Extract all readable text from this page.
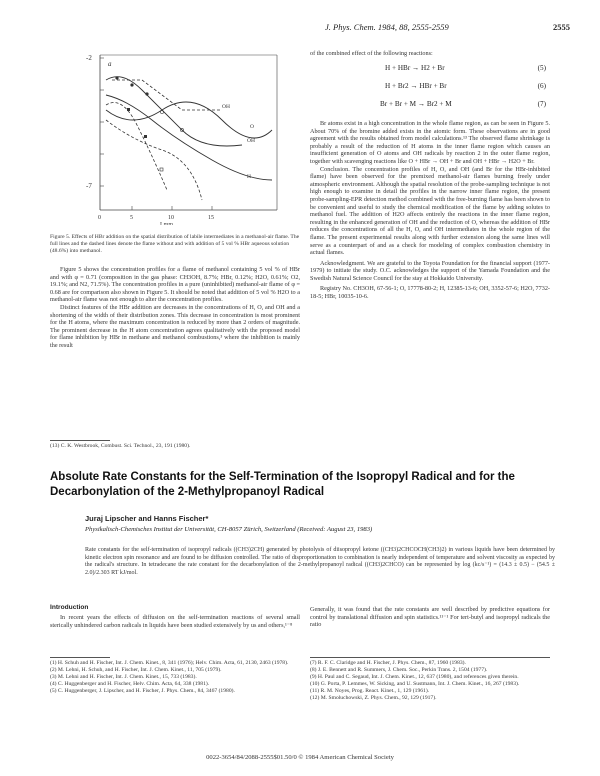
J. Phys. Chem. 1984, 88, 2555-2559	2555
-2
-7
0	5	10	15
Lmm
a
OH
H
OH
O
Figure 5. Effects of HBr addition on the spatial distribution of labile intermediates in a methanol-air flame. The full lines and the dashed lines denote the flame without and with addition of 5 vol % HBr aqueous solution (48.6%) into methanol.

Figure 5 shows the concentration profiles for a flame of methanol containing 5 vol % of HBr and with φ = 0.71 (composition in the gas phase: CH3OH, 8.7%; HBr, 0.12%; H2O, 0.61%; O2, 19.1%; and N2, 71.5%). The concentration profiles in a pure (uninhibited) methanol-air flame of φ = 0.68 are for comparison also shown in Figure 5. It should be noted that addition of 5 vol % H2O to a methanol-air flame was not enough to alter the concentration profiles.

Distinct features of the HBr addition are decreases in the concentrations of H, O, and OH and a shortening of the width of their distribution zones. This decrease in concentration is most prominent for the H atoms, where the maximum concentration is reduced by more than 2 orders of magnitude. The prominent decrease in the H atom concentration agrees qualitatively with the proposed model for flame inhibition by HBr in methane and methanol combustions,³ where the inhibition is mainly the result

(13) C. K. Westbrook, Combust. Sci. Technol., 23, 191 (1980).
of the combined effect of the following reactions:
H + HBr → H2 + Br	(5)
H + Br2 → HBr + Br	(6)
Br + Br + M → Br2 + M	(7)

Br atoms exist in a high concentration in the whole flame region, as can be seen in Figure 5. About 70% of the bromine added exists in the atomic form. These observations are in good agreement with the results obtained from model calculations.¹³ The observed flame shrinkage is probably a result of the reduction of H atoms in the inner flame region which causes an insufficient generation of O atoms and OH radicals by reaction 2 in the outer flame region, together with scavenging reactions like O + HBr → OH + Br and OH + HBr → H2O + Br.

Conclusion. The concentration profiles of H, O, and OH (and Br for the HBr-inhibited flame) have been observed for the premixed methanol-air flames burning freely under atmospheric environment. Although the spatial resolution of the probe-sampling technique is not high enough to examine in detail the profiles in the narrow inner flame region, the present probe-sampling-EPR detection method combined with the free-burning flame has been shown to be convenient and useful to study the chemical modification of the flame by adding solutes to methanol fuel. The addition of H2O affects entirely the reactions in the inner flame region, resulting in the enhanced generation of OH and the reduction of O, whereas the addition of HBr reduces the concentrations of all the H, O, and OH intermediates in the whole region of the flame. The present experimental results along with further extension along the same lines will serve as a counterpart of and as a check for modeling of complex combustion chemistry in actual flames.

Acknowledgment. We are grateful to the Toyota Foundation for the financial support (1977-1979) to initiate the study. O.C. acknowledges the support of the Yamada Foundation and the Swedish Natural Science Council for the stay at Hokkaido University.

Registry No. CH3OH, 67-56-1; O, 17778-80-2; H, 12385-13-6; OH, 3352-57-6; H2O, 7732-18-5; HBr, 10035-10-6.

Absolute Rate Constants for the Self-Termination of the Isopropyl Radical and for the Decarbonylation of the 2-Methylpropanoyl Radical
Juraj Lipscher and Hanns Fischer*
Physikalisch-Chemisches Institut der Universität, CH-8057 Zürich, Switzerland (Received: August 23, 1983)
Rate constants for the self-termination of isopropyl radicals ((CH3)2CH) generated by photolysis of diisopropyl ketone ((CH3)2CHCOCH(CH3)2) in various liquids have been determined by kinetic electron spin resonance and are found to be diffusion controlled. The ratio of disproportionation to combination is nearly independent of temperature and solvent viscosity as expected by the radical's structure. In tetradecane the rate constant for the decarbonylation of the 2-methylpropanoyl radical ((CH3)2CHCO) can be represented by log (kc/s⁻¹) = (14.3 ± 0.5) − (54.5 ± 2.0)/2.303 RT kJ/mol.
Introduction

In recent years the effects of diffusion on the self-termination reactions of several small sterically unhindered carbon radicals in liquids have been studied extensively by us and others,¹⁻⁸

Generally, it was found that the rate constants are well described by predictive equations for control by translational diffusion and spin statistics.¹¹⁻¹ For tert-butyl and isopropyl radicals the ratio
(1) H. Schuh and H. Fischer, Int. J. Chem. Kinet., 8, 341 (1976); Helv. Chim. Acta, 61, 2130, 2463 (1978).
(2) M. Lehni, H. Schuh, and H. Fischer, Int. J. Chem. Kinet., 11, 705 (1979).
(3) M. Lehni and H. Fischer, Int. J. Chem. Kinet., 15, 733 (1983).
(4) C. Huggenberger and H. Fischer, Helv. Chim. Acta, 64, 338 (1981).
(5) C. Huggenberger, J. Lipscher, and H. Fischer, J. Phys. Chem., 84, 3467 (1980).
(7) R. F. C. Claridge and H. Fischer, J. Phys. Chem., 87, 1960 (1983).
(8) J. E. Bennett and R. Summers, J. Chem. Soc., Perkin Trans. 2, 1504 (1977).
(9) H. Paul and C. Segaud, Int. J. Chem. Kinet., 12, 637 (1980), and references given therein.
(10) G. Porta, P. Lemmes, W. Sicking, and U. Sustmann, Int. J. Chem. Kinet., 16, 267 (1983).
(11) R. M. Noyes, Prog. React. Kinet., 1, 129 (1961).
(12) M. Smoluchowski, Z. Phys. Chem., 92, 129 (1917).
0022-3654/84/2088-2555$01.50/0 © 1984 American Chemical Society
